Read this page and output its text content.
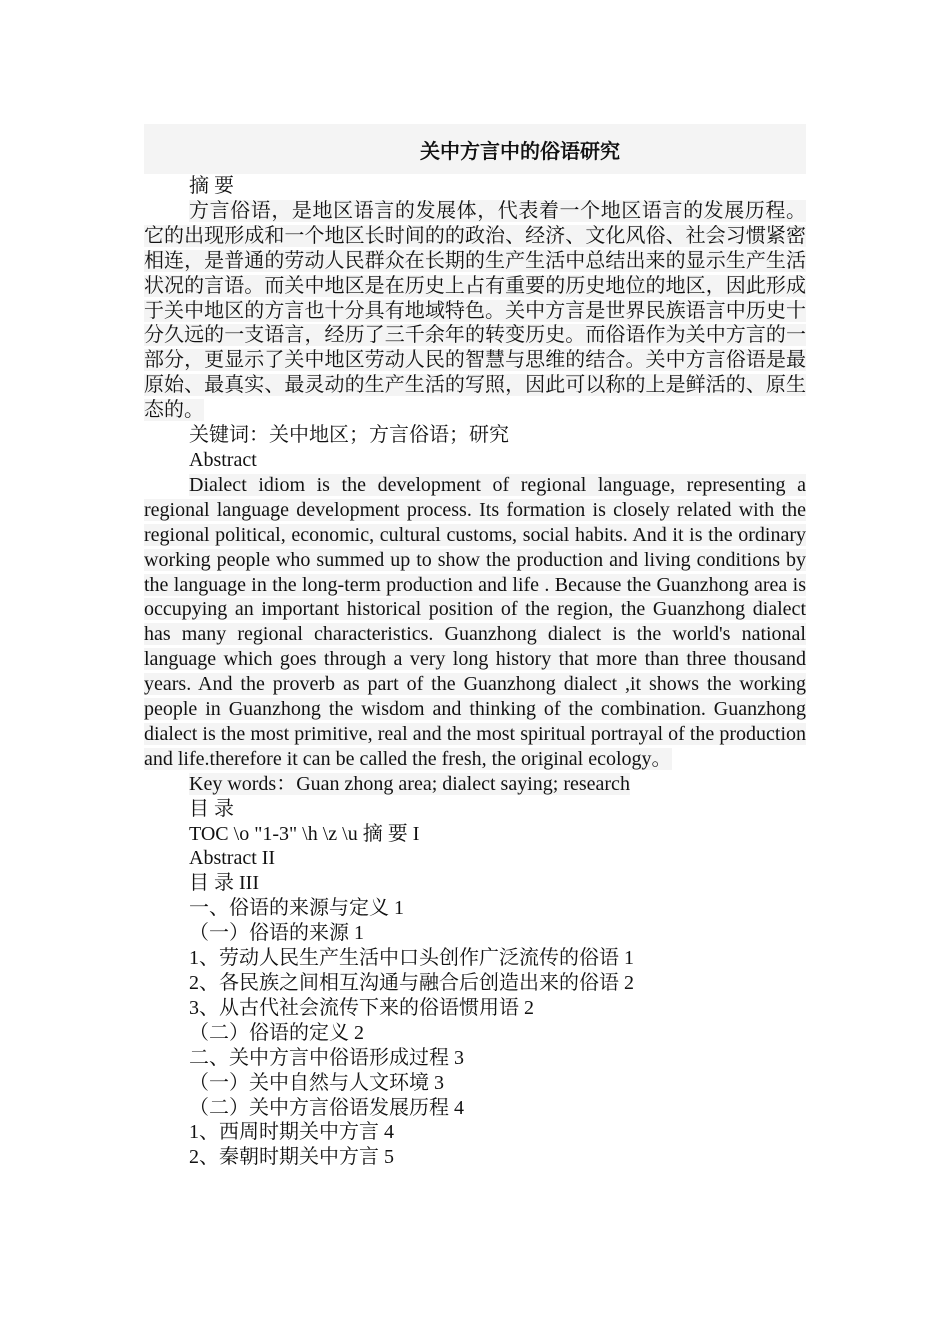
关中方言中的俗语研究

摘 要

方言俗语，是地区语言的发展体，代表着一个地区语言的发展历程。它的出现形成和一个地区长时间的的政治、经济、文化风俗、社会习惯紧密相连，是普通的劳动人民群众在长期的生产生活中总结出来的显示生产生活状况的言语。而关中地区是在历史上占有重要的历史地位的地区，因此形成于关中地区的方言也十分具有地域特色。关中方言是世界民族语言中历史十分久远的一支语言，经历了三千余年的转变历史。而俗语作为关中方言的一部分，更显示了关中地区劳动人民的智慧与思维的结合。关中方言俗语是最原始、最真实、最灵动的生产生活的写照，因此可以称的上是鲜活的、原生态的。

关键词：关中地区；方言俗语；研究

Abstract

Dialect idiom is the development of regional language, representing a regional language development process. Its formation is closely related with the regional political, economic, cultural customs, social habits. And it is the ordinary working people who summed up to show the production and living conditions by the language in the long-term production and life . Because the Guanzhong area is occupying an important historical position of the region, the Guanzhong dialect has many regional characteristics. Guanzhong dialect is the world's national language which goes through a very long history that more than three thousand years. And the proverb as part of the Guanzhong dialect ,it shows the working people in Guanzhong the wisdom and thinking of the combination. Guanzhong dialect is the most primitive, real and the most spiritual portrayal of the production and life.therefore it can be called the fresh, the original ecology。

Key words：Guan zhong area; dialect saying; research

目 录

TOC \o "1-3" \h \z \u 摘 要 I

Abstract II

目 录 III

一、俗语的来源与定义 1

（一）俗语的来源 1

1、劳动人民生产生活中口头创作广泛流传的俗语 1

2、各民族之间相互沟通与融合后创造出来的俗语 2

3、从古代社会流传下来的俗语惯用语 2

（二）俗语的定义 2

二、关中方言中俗语形成过程 3

（一）关中自然与人文环境 3

（二）关中方言俗语发展历程 4

1、西周时期关中方言 4

2、秦朝时期关中方言 5
